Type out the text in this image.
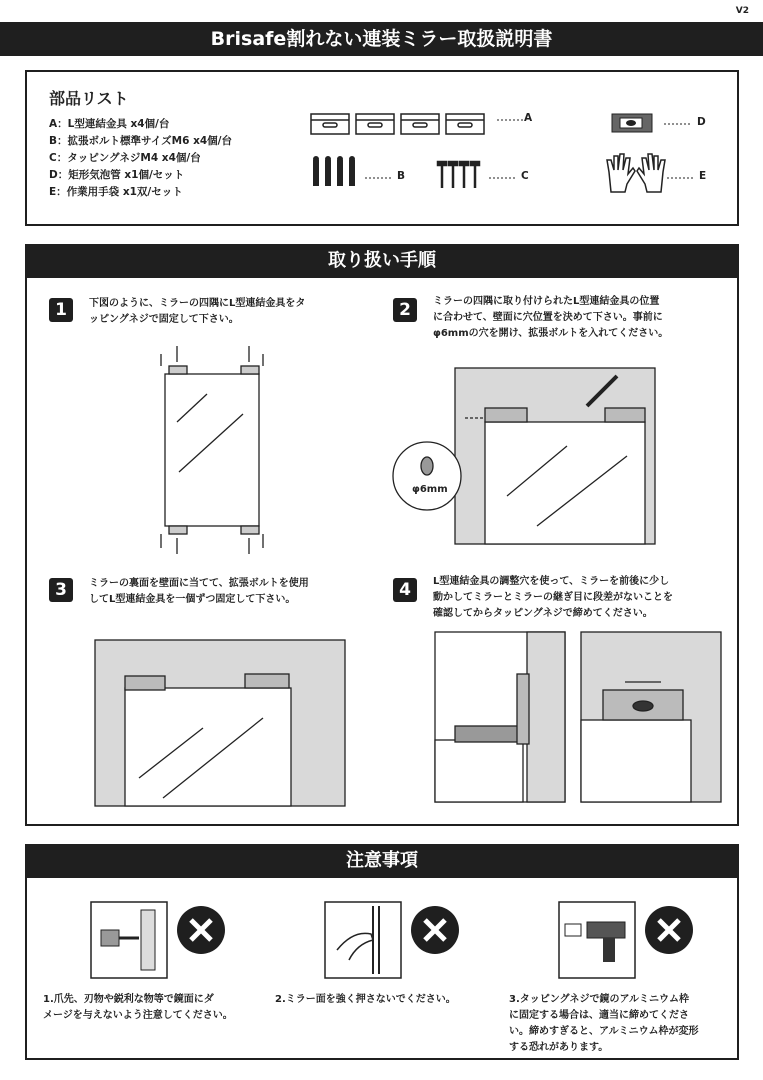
V2
Brisafe割れない連装ミラー取扱説明書
部品リスト
A：L型連結金具 x4個/台
B：拡張ボルト標準サイズM6 x4個/台
C：タッピングネジM4 x4個/台
D：矩形気泡管 x1個/セット
E：作業用手袋 x1双/セット
A
B	C
D
E
取り扱い手順
1	下図のように、ミラーの四隅にL型連結金具をタ
ッピングネジで固定して下さい。	2	ミラーの四隅に取り付けられたL型連結金具の位置
に合わせて、壁面に穴位置を決めて下さい。事前に
φ6mmの穴を開け、拡張ボルトを入れてください。
φ6mm
3	ミラーの裏面を壁面に当てて、拡張ボルトを使用
してL型連結金具を一個ずつ固定して下さい。	4	L型連結金具の調整穴を使って、ミラーを前後に少し
動かしてミラーとミラーの継ぎ目に段差がないことを
確認してからタッピングネジで締めてください。
注意事項
1.爪先、刃物や鋭利な物等で鏡面にダ
メージを与えないよう注意してください。
2.ミラー面を強く押さないでください。	3.タッピングネジで鏡のアルミニウム枠
に固定する場合は、適当に締めてくださ
い。締めすぎると、アルミニウム枠が変形
する恐れがあります。
